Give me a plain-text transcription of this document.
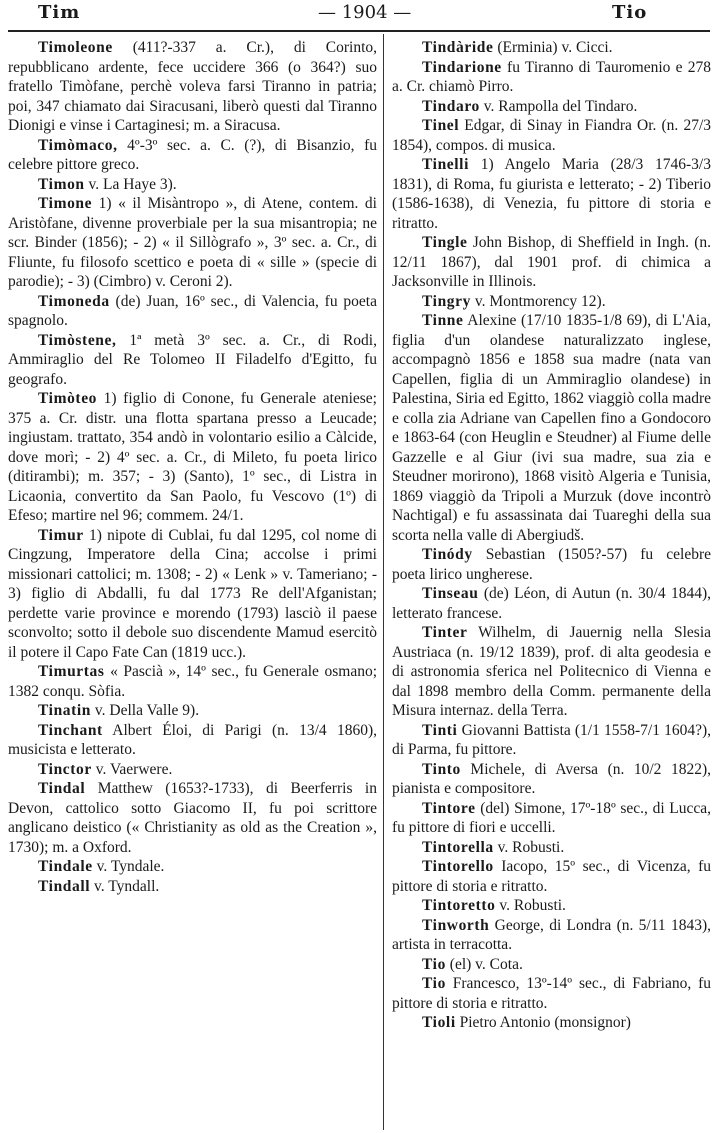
Tim	— 1904 —	Tio

Timoleone (411?-337 a. Cr.), di Corinto, repubblicano ardente, fece uccidere 366 (o 364?) suo fratello Timòfane, perchè voleva farsi Tiranno in patria; poi, 347 chiamato dai Siracusani, liberò questi dal Tiranno Dionigi e vinse i Cartaginesi; m. a Siracusa.

Timòmaco, 4º-3º sec. a. C. (?), di Bisanzio, fu celebre pittore greco.

Timon v. La Haye 3).

Timone 1) « il Misàntropo », di Atene, contem. di Aristòfane, divenne proverbiale per la sua misantropia; ne scr. Binder (1856); - 2) « il Sillògrafo », 3º sec. a. Cr., di Fliunte, fu filosofo scettico e poeta di « sille » (specie di parodie); - 3) (Cimbro) v. Ceroni 2).

Timoneda (de) Juan, 16º sec., di Valencia, fu poeta spagnolo.

Timòstene, 1ª metà 3º sec. a. Cr., di Rodi, Ammiraglio del Re Tolomeo II Filadelfo d'Egitto, fu geografo.

Timòteo 1) figlio di Conone, fu Generale ateniese; 375 a. Cr. distr. una flotta spartana presso a Leucade; ingiustam. trattato, 354 andò in volontario esilio a Càlcide, dove morì; - 2) 4º sec. a. Cr., di Mileto, fu poeta lirico (ditirambi); m. 357; - 3) (Santo), 1º sec., di Listra in Licaonia, convertito da San Paolo, fu Vescovo (1º) di Efeso; martire nel 96; commem. 24/1.

Timur 1) nipote di Cublai, fu dal 1295, col nome di Cingzung, Imperatore della Cina; accolse i primi missionari cattolici; m. 1308; - 2) « Lenk » v. Tameriano; - 3) figlio di Abdalli, fu dal 1773 Re dell'Afganistan; perdette varie province e morendo (1793) lasciò il paese sconvolto; sotto il debole suo discendente Mamud esercitò il potere il Capo Fate Can (1819 ucc.).

Timurtas « Pascià », 14º sec., fu Generale osmano; 1382 conqu. Sòfia.

Tinatin v. Della Valle 9).

Tinchant Albert Éloi, di Parigi (n. 13/4 1860), musicista e letterato.

Tinctor v. Vaerwere.

Tindal Matthew (1653?-1733), di Beerferris in Devon, cattolico sotto Giacomo II, fu poi scrittore anglicano deistico (« Christianity as old as the Creation », 1730); m. a Oxford.

Tindale v. Tyndale.

Tindall v. Tyndall.

Tindàride (Erminia) v. Cicci.

Tindarione fu Tiranno di Tauromenio e 278 a. Cr. chiamò Pirro.

Tindaro v. Rampolla del Tindaro.

Tinel Edgar, di Sinay in Fiandra Or. (n. 27/3 1854), compos. di musica.

Tinelli 1) Angelo Maria (28/3 1746-3/3 1831), di Roma, fu giurista e letterato; - 2) Tiberio (1586-1638), di Venezia, fu pittore di storia e ritratto.

Tingle John Bishop, di Sheffield in Ingh. (n. 12/11 1867), dal 1901 prof. di chimica a Jacksonville in Illinois.

Tingry v. Montmorency 12).

Tinne Alexine (17/10 1835-1/8 69), di L'Aia, figlia d'un olandese naturalizzato inglese, accompagnò 1856 e 1858 sua madre (nata van Capellen, figlia di un Ammiraglio olandese) in Palestina, Siria ed Egitto, 1862 viaggiò colla madre e colla zia Adriane van Capellen fino a Gondocoro e 1863-64 (con Heuglin e Steudner) al Fiume delle Gazzelle e al Giur (ivi sua madre, sua zia e Steudner morirono), 1868 visitò Algeria e Tunisia, 1869 viaggiò da Tripoli a Murzuk (dove incontrò Nachtigal) e fu assassinata dai Tuareghi della sua scorta nella valle di Abergiudš.

Tinódy Sebastian (1505?-57) fu celebre poeta lirico ungherese.

Tinseau (de) Léon, di Autun (n. 30/4 1844), letterato francese.

Tinter Wilhelm, di Jauernig nella Slesia Austriaca (n. 19/12 1839), prof. di alta geodesia e di astronomia sferica nel Politecnico di Vienna e dal 1898 membro della Comm. permanente della Misura internaz. della Terra.

Tinti Giovanni Battista (1/1 1558-7/1 1604?), di Parma, fu pittore.

Tinto Michele, di Aversa (n. 10/2 1822), pianista e compositore.

Tintore (del) Simone, 17º-18º sec., di Lucca, fu pittore di fiori e uccelli.

Tintorella v. Robusti.

Tintorello Iacopo, 15º sec., di Vicenza, fu pittore di storia e ritratto.

Tintoretto v. Robusti.

Tinworth George, di Londra (n. 5/11 1843), artista in terracotta.

Tio (el) v. Cota.

Tio Francesco, 13º-14º sec., di Fabriano, fu pittore di storia e ritratto.

Tioli Pietro Antonio (monsignor)
